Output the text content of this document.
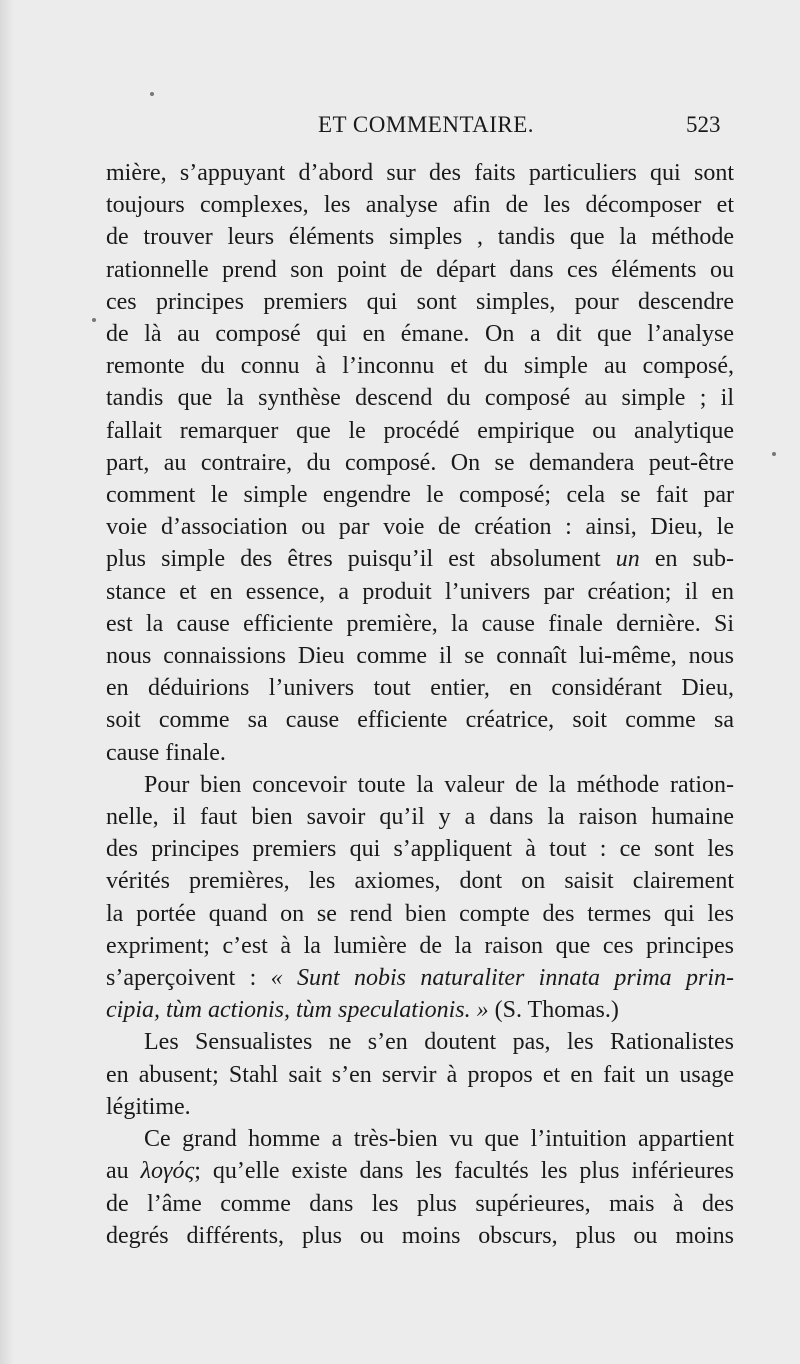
ET COMMENTAIRE.	523
mière, s’appuyant d’abord sur des faits particuliers qui sont
toujours complexes, les analyse afin de les décomposer et
de trouver leurs éléments simples , tandis que la méthode
rationnelle prend son point de départ dans ces éléments ou
ces principes premiers qui sont simples, pour descendre
de là au composé qui en émane. On a dit que l’analyse
remonte du connu à l’inconnu et du simple au composé,
tandis que la synthèse descend du composé au simple ; il
fallait remarquer que le procédé empirique ou analytique
part, au contraire, du composé. On se demandera peut-être
comment le simple engendre le composé; cela se fait par
voie d’association ou par voie de création : ainsi, Dieu, le
plus simple des êtres puisqu’il est absolument un en sub-
stance et en essence, a produit l’univers par création; il en
est la cause efficiente première, la cause finale dernière. Si
nous connaissions Dieu comme il se connaît lui-même, nous
en déduirions l’univers tout entier, en considérant Dieu,
soit comme sa cause efficiente créatrice, soit comme sa
cause finale.
Pour bien concevoir toute la valeur de la méthode ration-
nelle, il faut bien savoir qu’il y a dans la raison humaine
des principes premiers qui s’appliquent à tout : ce sont les
vérités premières, les axiomes, dont on saisit clairement
la portée quand on se rend bien compte des termes qui les
expriment; c’est à la lumière de la raison que ces principes
s’aperçoivent : « Sunt nobis naturaliter innata prima prin-
cipia, tùm actionis, tùm speculationis. » (S. Thomas.)
Les Sensualistes ne s’en doutent pas, les Rationalistes
en abusent; Stahl sait s’en servir à propos et en fait un usage
légitime.
Ce grand homme a très-bien vu que l’intuition appartient
au λογός; qu’elle existe dans les facultés les plus inférieures
de l’âme comme dans les plus supérieures, mais à des
degrés différents, plus ou moins obscurs, plus ou moins
